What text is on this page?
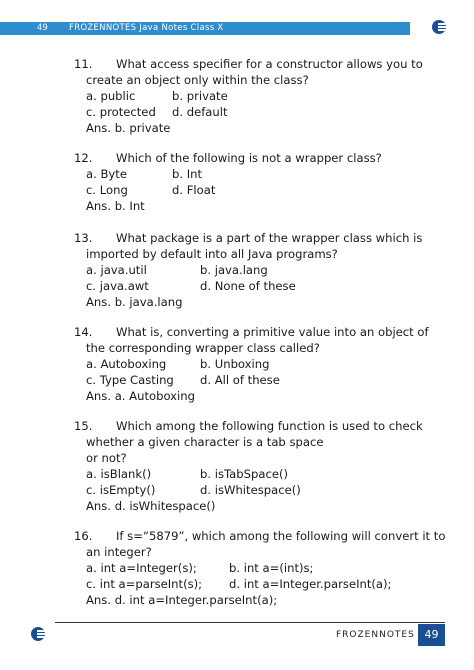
49 FROZENNOTES Java Notes Class X
11. What access specifier for a constructor allows you to
create an object only within the class?
a. public	b. private
c. protected d. default
Ans. b. private
12. Which of the following is not a wrapper class?
a. Byte	b. Int
c. Long	d. Float
Ans. b. Int
13. What package is a part of the wrapper class which is
imported by default into all Java programs?
a. java.util	b. java.lang
c. java.awt	d. None of these
Ans. b. java.lang
14. What is, converting a primitive value into an object of
the corresponding wrapper class called?
a. Autoboxing	b. Unboxing
c. Type Casting d. All of these
Ans. a. Autoboxing
15. Which among the following function is used to check
whether a given character is a tab space
or not?
a. isBlank()	b. isTabSpace()
c. isEmpty()	d. isWhitespace()
Ans. d. isWhitespace()
16. If s=“5879”, which among the following will convert it to
an integer?
a. int a=Integer(s);	b. int a=(int)s;
c. int a=parseInt(s); d. int a=Integer.parseInt(a);
Ans. d. int a=Integer.parseInt(a);
FROZENNOTES 49
